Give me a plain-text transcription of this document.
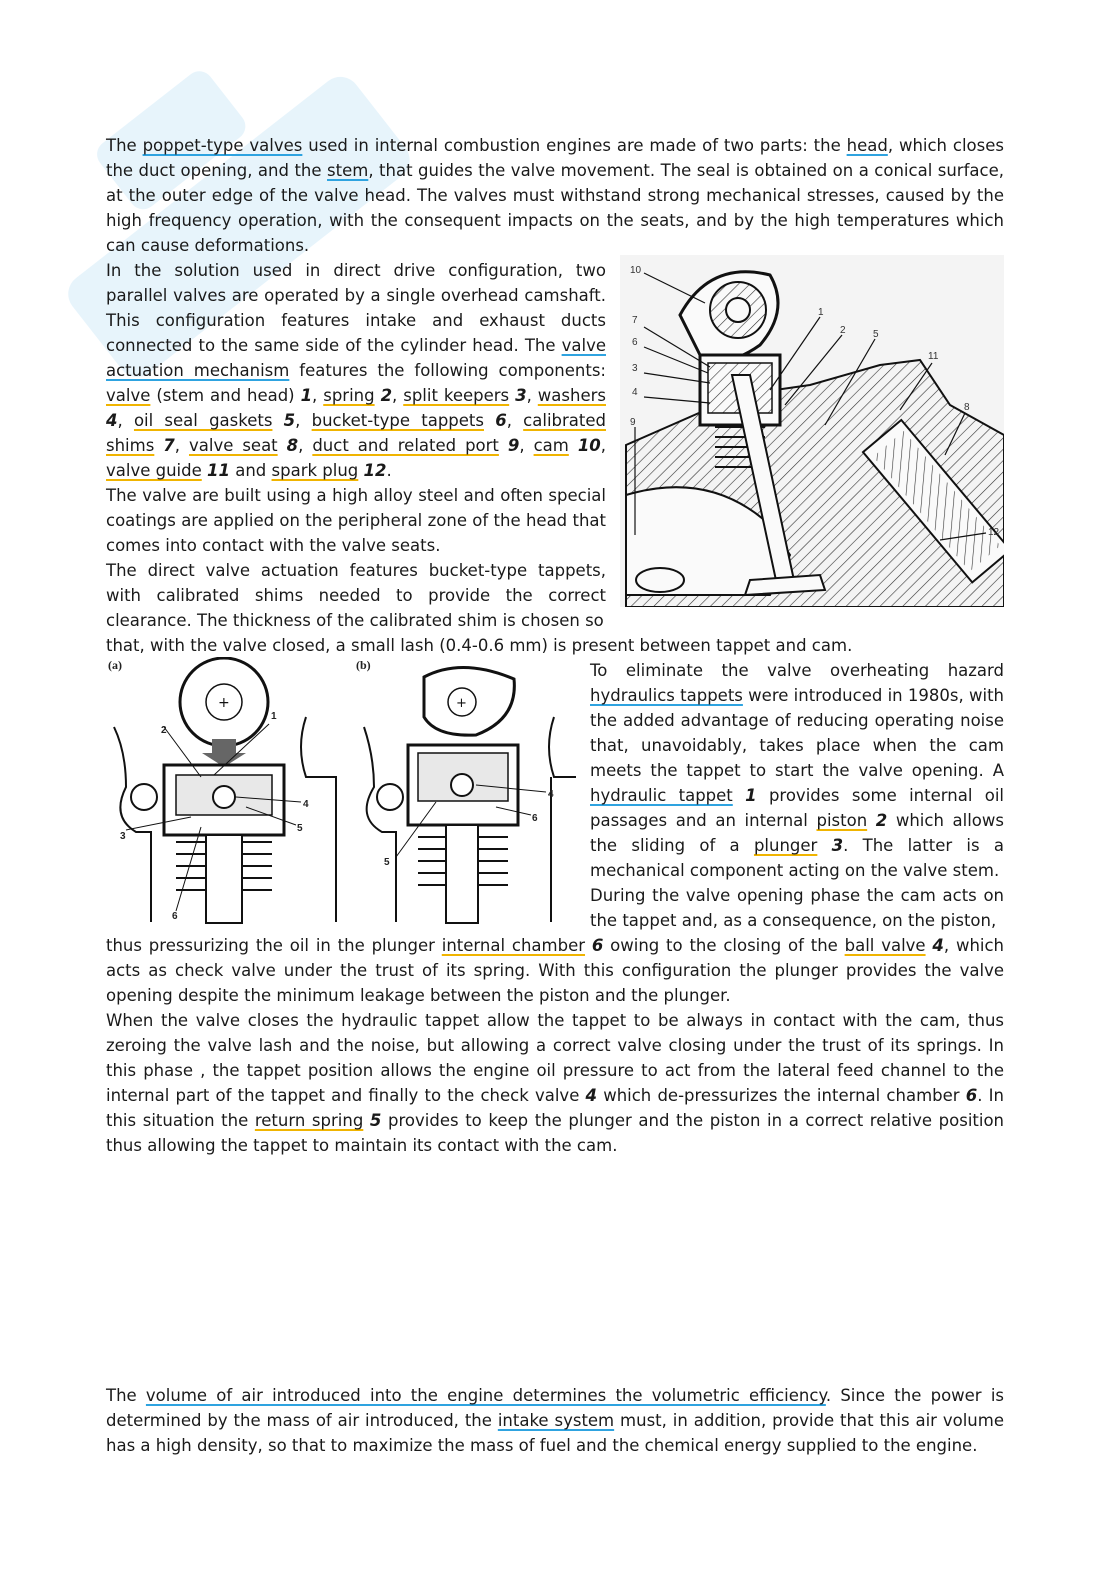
The poppet-type valves used in internal combustion engines are made of two parts: the head, which closes the duct opening, and the stem, that guides the valve movement. The seal is obtained on a conical surface, at the outer edge of the valve head. The valves must withstand strong mechanical stresses, caused by the high frequency operation, with the consequent impacts on the seats, and by the high temperatures which can cause deformations.

In the solution used in direct drive configuration, two parallel valves are operated by a single overhead camshaft. This configuration features intake and exhaust ducts connected to the same side of the cylinder head. The valve actuation mechanism features the following components: valve (stem and head) 1, spring 2, split keepers 3, washers 4, oil seal gaskets 5, bucket-type tappets 6, calibrated shims 7, valve seat 8, duct and related port 9, cam 10, valve guide 11 and spark plug 12.

The valve are built using a high alloy steel and often special coatings are applied on the peripheral zone of the head that comes into contact with the valve seats.

The direct valve actuation features bucket-type tappets, with calibrated shims needed to provide the correct clearance. The thickness of the calibrated shim is chosen so

that, with the valve closed, a small lash (0.4-0.6 mm) is present between tappet and cam.

10
1
2	5
7
6
3
4
11
8
9
12
(a)
+
1
2
3
4
5
6
(b)
+
4
6
5

To eliminate the valve overheating hazard hydraulics tappets were introduced in 1980s, with the added advantage of reducing operating noise that, unavoidably, takes place when the cam meets the tappet to start the valve opening. A hydraulic tappet 1 provides some internal oil passages and an internal piston 2 which allows the sliding of a plunger 3. The latter is a mechanical component acting on the valve stem.

During the valve opening phase the cam acts on the tappet and, as a consequence, on the piston,

thus pressurizing the oil in the plunger internal chamber 6 owing to the closing of the ball valve 4, which acts as check valve under the trust of its spring. With this configuration the plunger provides the valve opening despite the minimum leakage between the piston and the plunger.

When the valve closes the hydraulic tappet allow the tappet to be always in contact with the cam, thus zeroing the valve lash and the noise, but allowing a correct valve closing under the trust of its springs. In this phase , the tappet position allows the engine oil pressure to act from the lateral feed channel to the internal part of the tappet and finally to the check valve 4 which de-pressurizes the internal chamber 6. In this situation the return spring 5 provides to keep the plunger and the piston in a correct relative position thus allowing the tappet to maintain its contact with the cam.

The volume of air introduced into the engine determines the volumetric efficiency. Since the power is determined by the mass of air introduced, the intake system must, in addition, provide that this air volume has a high density, so that to maximize the mass of fuel and the chemical energy supplied to the engine.
